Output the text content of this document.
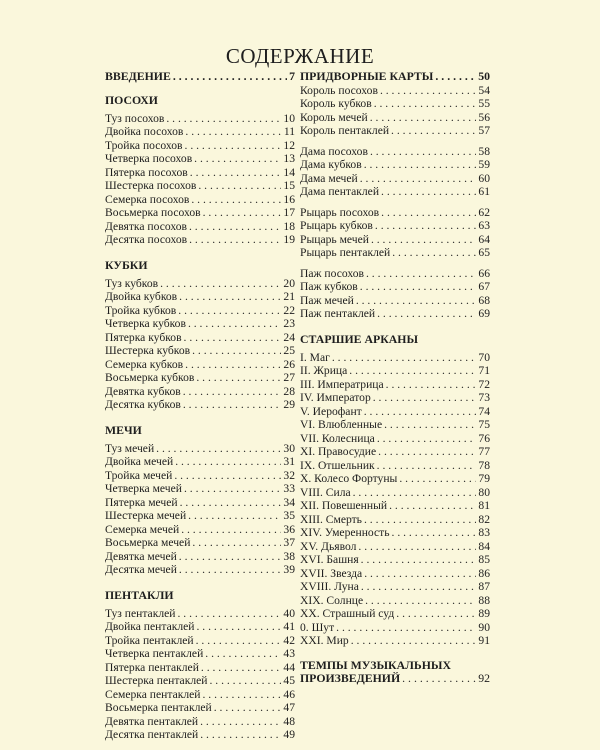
СОДЕРЖАНИЕ
ВВЕДЕНИЕ . . .	7
ПОСОХИ
Туз посохов . . .	10
Двойка посохов . . .	11
Тройка посохов . . .	12
Четверка посохов . . .	13
Пятерка посохов . . .	14
Шестерка посохов . . .	15
Семерка посохов . . .	16
Восьмерка посохов . . .	17
Девятка посохов . . .	18
Десятка посохов . . .	19
КУБКИ
Туз кубков . . .	20
Двойка кубков . . .	21
Тройка кубков . . .	22
Четверка кубков . . .	23
Пятерка кубков . . .	24
Шестерка кубков . . .	25
Семерка кубков . . .	26
Восьмерка кубков . . .	27
Девятка кубков . . .	28
Десятка кубков . . .	29
МЕЧИ
Туз мечей . . .	30
Двойка мечей . . .	31
Тройка мечей . . .	32
Четверка мечей . . .	33
Пятерка мечей . . .	34
Шестерка мечей . . .	35
Семерка мечей . . .	36
Восьмерка мечей . . .	37
Девятка мечей . . .	38
Десятка мечей . . .	39
ПЕНТАКЛИ
Туз пентаклей . . .	40
Двойка пентаклей . . .	41
Тройка пентаклей . . .	42
Четверка пентаклей . . .	43
Пятерка пентаклей . . .	44
Шестерка пентаклей . . .	45
Семерка пентаклей . . .	46
Восьмерка пентаклей . . .	47
Девятка пентаклей . . .	48
Десятка пентаклей . . .	49
ПРИДВОРНЫЕ КАРТЫ . . .	50
Король посохов . . .	54
Король кубков . . .	55
Король мечей . . .	56
Король пентаклей . . .	57
Дама посохов . . .	58
Дама кубков . . .	59
Дама мечей . . .	60
Дама пентаклей . . .	61
Рыцарь посохов . . .	62
Рыцарь кубков . . .	63
Рыцарь мечей . . .	64
Рыцарь пентаклей . . .	65
Паж посохов . . .	66
Паж кубков . . .	67
Паж мечей . . .	68
Паж пентаклей . . .	69
СТАРШИЕ АРКАНЫ
I. Маг . . .	70
II. Жрица . . .	71
III. Императрица . . .	72
IV. Император . . .	73
V. Иерофант . . .	74
VI. Влюбленные . . .	75
VII. Колесница . . .	76
XI. Правосудие . . .	77
IX. Отшельник . . .	78
X. Колесо Фортуны . . .	79
VIII. Сила . . .	80
XII. Повешенный . . .	81
XIII. Смерть . . .	82
XIV. Умеренность . . .	83
XV. Дьявол . . .	84
XVI. Башня . . .	85
XVII. Звезда . . .	86
XVIII. Луна . . .	87
XIX. Солнце . . .	88
XX. Страшный суд . . .	89
0. Шут . . .	90
XXI. Мир . . .	91
ТЕМПЫ МУЗЫКАЛЬНЫХ
ПРОИЗВЕДЕНИЙ . . .	92
